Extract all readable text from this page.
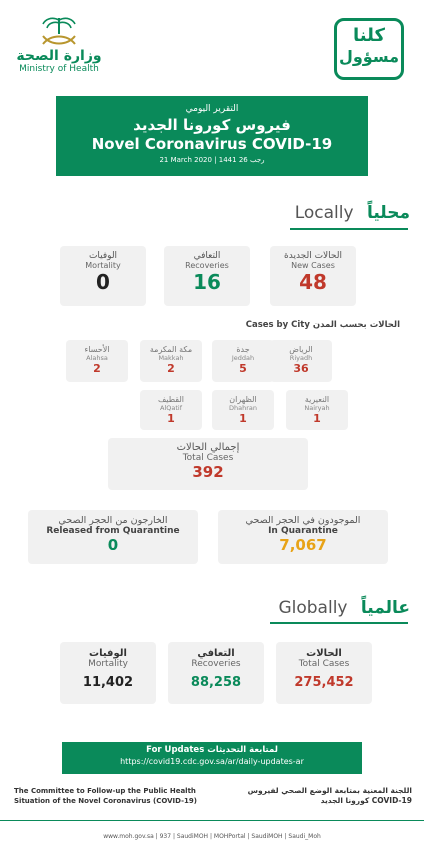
وزارة الصحة
Ministry of Health
كلنا
مسؤول
التقرير اليومي
فيروس كورونا الجديد
Novel Coronavirus COVID-19
21 March 2020 | 1441 رجب 26
Locally محلياً
الوفيات
Mortality
0
التعافي
Recoveries
16
الحالات الجديدة
New Cases
48
Cases by City الحالات بحسب المدن
الرياض
Riyadh
36
جدة
Jeddah
5
مكة المكرمة
Makkah
2
الأحساء
Alahsa
2
النعيرية
Nairyah
1
الظهران
Dhahran
1
القطيف
AlQatif
1
إجمالي الحالات
Total Cases
392
الخارجون من الحجر الصحي
Released from Quarantine
0
الموجودون في الحجر الصحي
In Quarantine
7,067
Globally عالمياً
الوفيات
Mortality
11,402
التعافي
Recoveries
88,258
الحالات
Total Cases
275,452
For Updates لمتابعة التحديثات
https://covid19.cdc.gov.sa/ar/daily-updates-ar
The Committee to Follow-up the Public Health Situation of the Novel Coronavirus (COVID-19)
اللجنة المعنية بمتابعة الوضع الصحي لفيروس كورونا الجديد COVID-19
www.moh.gov.sa | 937 | SaudiMOH | MOHPortal | SaudiMOH | Saudi_Moh
